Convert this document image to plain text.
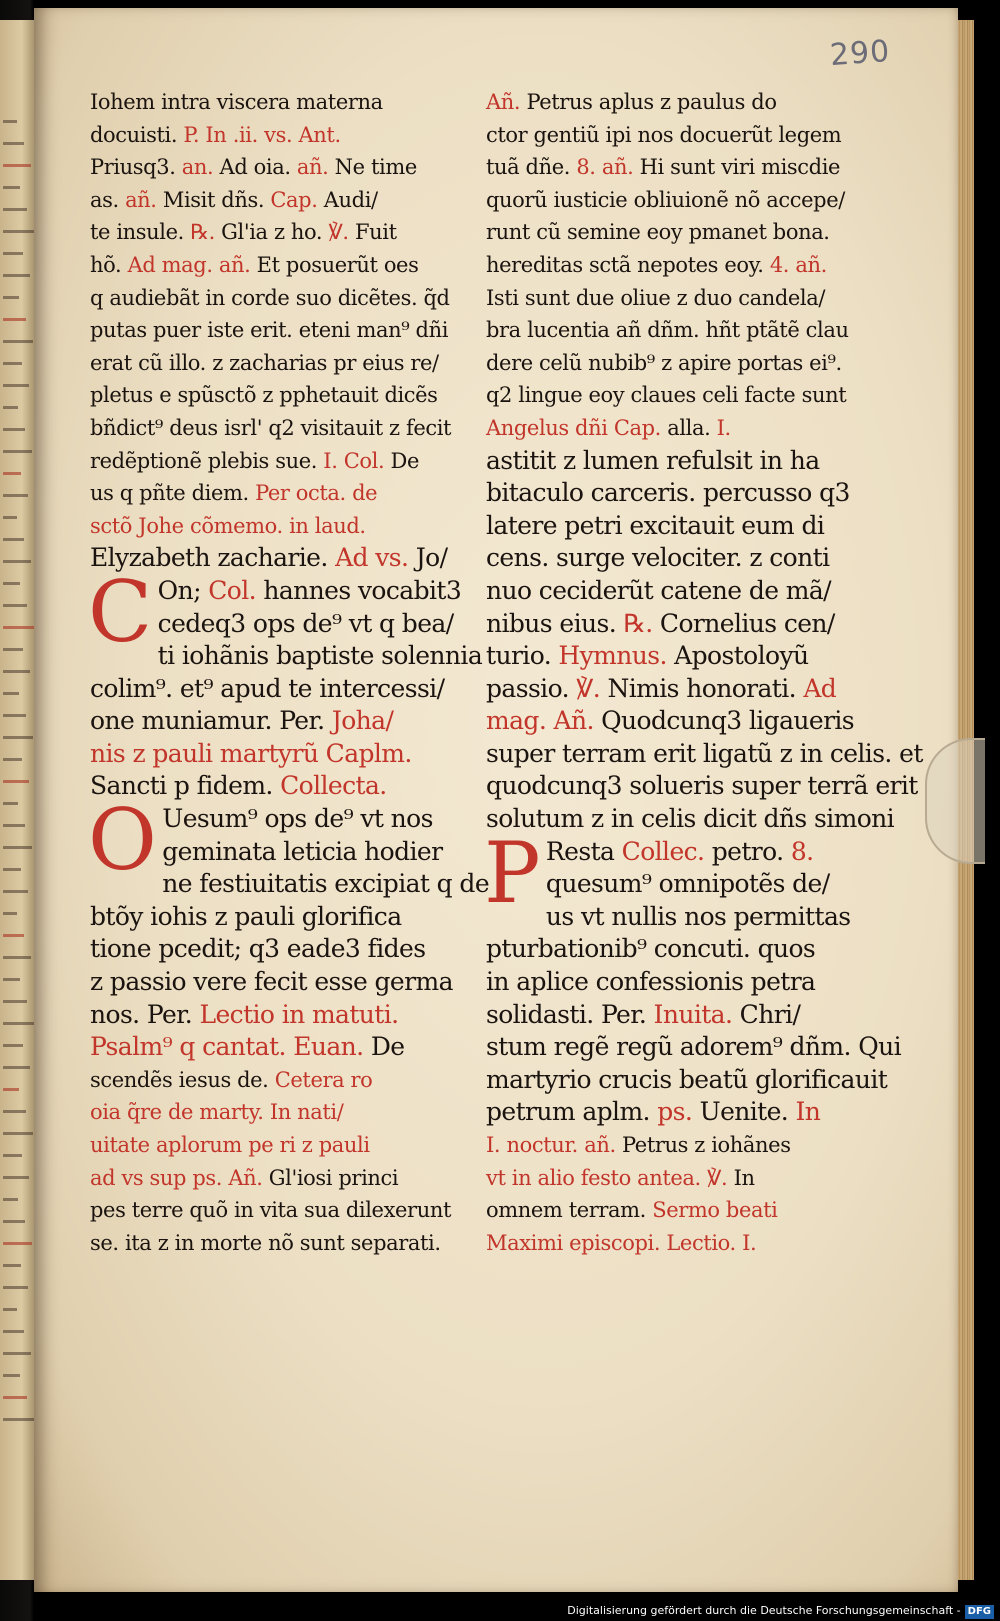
290
Iohem intra viscera materna
docuisti. P. In .ii. vs. Ant.
Priusq3. an. Ad oia. añ. Ne time
as. añ. Misit dñs. Cap. Audi/
te insule. ℞. Gl'ia z ho. ℣. Fuit
hõ. Ad mag. añ. Et posuerũt oes
q audiebãt in corde suo dicẽtes. q̃d
putas puer iste erit. eteni man⁹ dñi
erat cũ illo. z zacharias pr eius re/
pletus e spũsctõ z pphetauit dicẽs
bñdict⁹ deus isrl' q2 visitauit z fecit
redẽptionẽ plebis sue. I. Col. De
us q pñte diem. Per octa. de
sctõ Johe cõmemo. in laud.
Elyzabeth zacharie. Ad vs. Jo/
C On; Col. hannes vocabit3
cedeq3 ops de⁹ vt q bea/
ti iohãnis baptiste solennia
colim⁹. et⁹ apud te intercessi/
one muniamur. Per. Joha/
nis z pauli martyrũ Caplm.
Sancti p fidem. Collecta.
O Uesum⁹ ops de⁹ vt nos
geminata leticia hodier
ne festiuitatis excipiat q de
btõy iohis z pauli glorifica
tione pcedit; q3 eade3 fides
z passio vere fecit esse germa
nos. Per. Lectio in matuti.
Psalm⁹ q cantat. Euan. De
scendẽs iesus de. Cetera ro
oia q̃re de marty. In nati/
uitate aplorum pe ri z pauli
ad vs sup ps. Añ. Gl'iosi princi
pes terre quõ in vita sua dilexerunt
se. ita z in morte nõ sunt separati.
Añ. Petrus aplus z paulus do
ctor gentiũ ipi nos docuerũt legem
tuã dñe. 8. añ. Hi sunt viri miscdie
quorũ iusticie obliuionẽ nõ accepe/
runt cũ semine eoy pmanet bona.
hereditas sctã nepotes eoy. 4. añ.
Isti sunt due oliue z duo candela/
bra lucentia añ dñm. hñt ptãtẽ clau
dere celũ nubib⁹ z apire portas ei⁹.
q2 lingue eoy claues celi facte sunt
Angelus dñi Cap. alla. I.
astitit z lumen refulsit in ha
bitaculo carceris. percusso q3
latere petri excitauit eum di
cens. surge velociter. z conti
nuo ceciderũt catene de mã/
nibus eius. ℞. Cornelius cen/
turio. Hymnus. Apostoloyũ
passio. ℣. Nimis honorati. Ad
mag. Añ. Quodcunq3 ligaueris
super terram erit ligatũ z in celis. et
quodcunq3 solueris super terrã erit
solutum z in celis dicit dñs simoni
P Resta Collec. petro. 8.
quesum⁹ omnipotẽs de/
us vt nullis nos permittas
pturbationib⁹ concuti. quos
in aplice confessionis petra
solidasti. Per. Inuita. Chri/
stum regẽ regũ adorem⁹ dñm. Qui
martyrio crucis beatũ glorificauit
petrum aplm. ps. Uenite. In
I. noctur. añ. Petrus z iohãnes
vt in alio festo antea. ℣. In
omnem terram. Sermo beati
Maximi episcopi. Lectio. I.
Digitalisierung gefördert durch die Deutsche Forschungsgemeinschaft - DFG
